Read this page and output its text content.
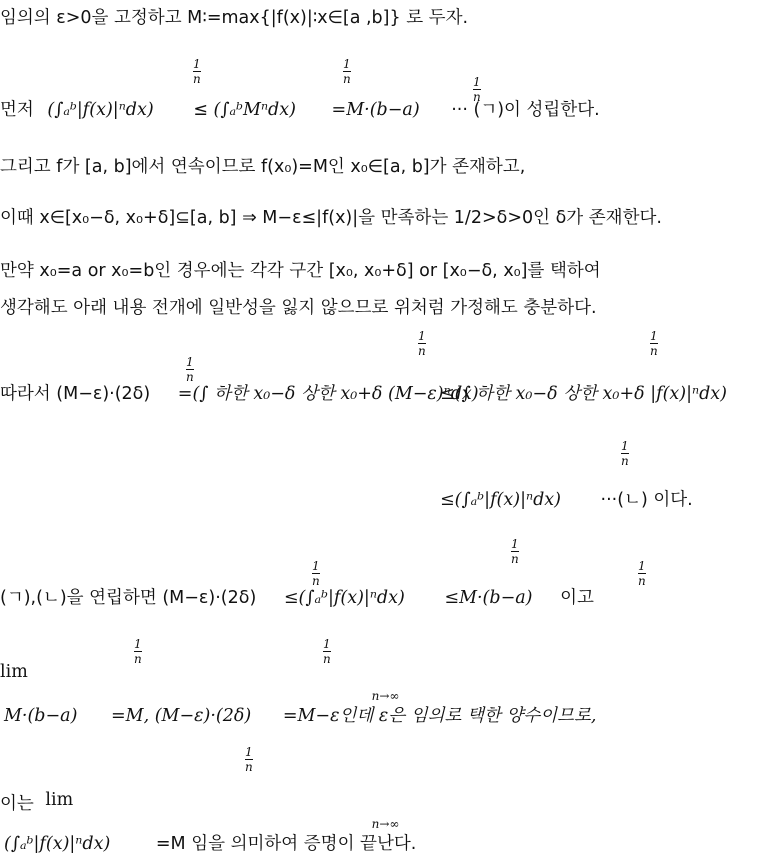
임의의 ε>0을 고정하고 M∶=max{|f(x)|∶x∈[a ,b]} 로 두자.
먼저 (∫ₐᵇ|f(x)|ⁿdx) ≤ (∫ₐᵇMⁿdx) =M·(b−a) ··· (ㄱ)이 성립한다.
1
n
1
n	1
n
그리고 f가 [a, b]에서 연속이므로 f(x₀)=M인 x₀∈[a, b]가 존재하고,
이때 x∈[x₀−δ, x₀+δ]⊆[a, b] ⇒ M−ε≤|f(x)|을 만족하는 1/2>δ>0인 δ가 존재한다.
만약 x₀=a or x₀=b인 경우에는 각각 구간 [x₀, x₀+δ] or [x₀−δ, x₀]를 택하여
생각해도 아래 내용 전개에 일반성을 잃지 않으므로 위처럼 가정해도 충분하다.
따라서 (M−ε)·(2δ) =(∫ 하한 x₀−δ 상한 x₀+δ (M−ε)ⁿdx)
≤(∫ 하한 x₀−δ 상한 x₀+δ |f(x)|ⁿdx)
1
n
1
n
1
n
≤(∫ₐᵇ|f(x)|ⁿdx) ···(ㄴ) 이다.
1
n
(ㄱ),(ㄴ)을 연립하면 (M−ε)·(2δ) ≤(∫ₐᵇ|f(x)|ⁿdx) ≤M·(b−a) 이고
1
n
1
n	1
n
lim
n→∞
M·(b−a) =M, (M−ε)·(2δ) =M−ε인데 ε은 임의로 택한 양수이므로,
1
n
1
n
이는 lim
n→∞
(∫ₐᵇ|f(x)|ⁿdx)	=M 임을 의미하여 증명이 끝난다.
1
n
